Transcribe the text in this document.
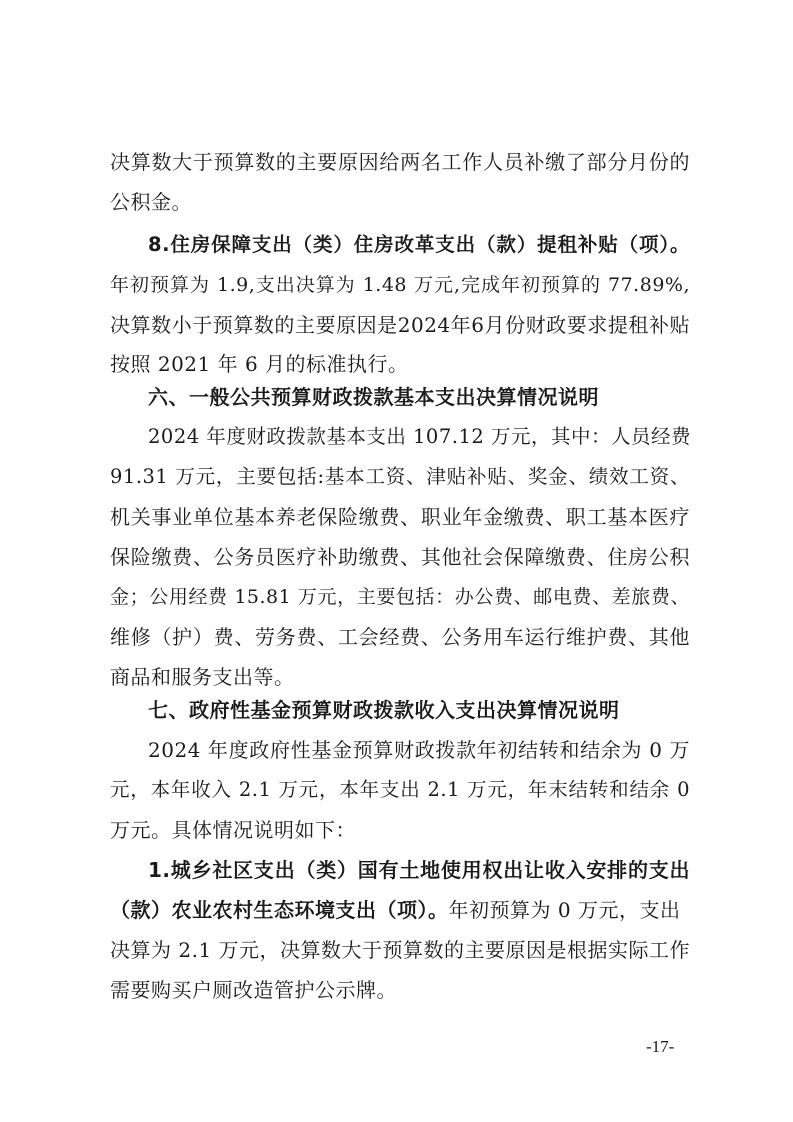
决算数大于预算数的主要原因给两名工作人员补缴了部分月份的
公积金。
8.住房保障支出（类）住房改革支出（款）提租补贴（项）。
年初预算为 1.9,支出决算为 1.48 万元,完成年初预算的 77.89%,
决算数小于预算数的主要原因是2024年6月份财政要求提租补贴
按照 2021 年 6 月的标准执行。
六、一般公共预算财政拨款基本支出决算情况说明
2024 年度财政拨款基本支出 107.12 万元，其中：人员经费
91.31 万元，主要包括:基本工资、津贴补贴、奖金、绩效工资、
机关事业单位基本养老保险缴费、职业年金缴费、职工基本医疗
保险缴费、公务员医疗补助缴费、其他社会保障缴费、住房公积
金；公用经费 15.81 万元，主要包括：办公费、邮电费、差旅费、
维修（护）费、劳务费、工会经费、公务用车运行维护费、其他
商品和服务支出等。
七、政府性基金预算财政拨款收入支出决算情况说明
2024 年度政府性基金预算财政拨款年初结转和结余为 0 万
元，本年收入 2.1 万元，本年支出 2.1 万元，年末结转和结余 0
万元。具体情况说明如下：
1.城乡社区支出（类）国有土地使用权出让收入安排的支出
（款）农业农村生态环境支出（项）。年初预算为 0 万元，支出
决算为 2.1 万元，决算数大于预算数的主要原因是根据实际工作
需要购买户厕改造管护公示牌。
-17-
